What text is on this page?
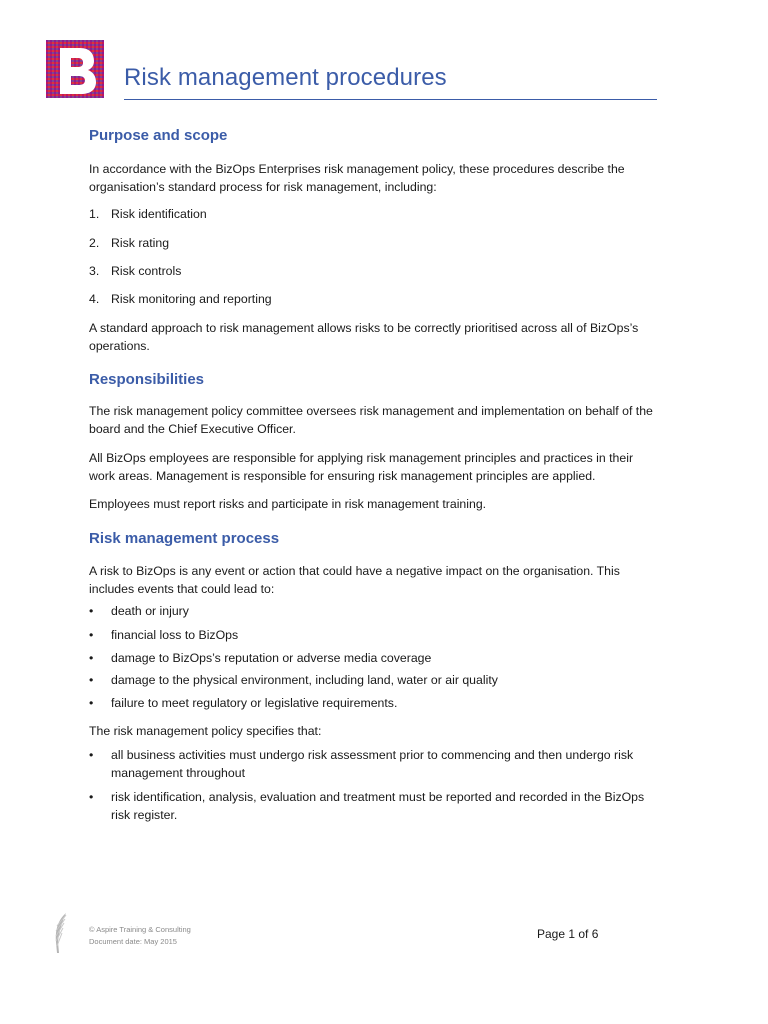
Risk management procedures
Purpose and scope
In accordance with the BizOps Enterprises risk management policy, these procedures describe the organisation’s standard process for risk management, including:
1. Risk identification
2. Risk rating
3. Risk controls
4. Risk monitoring and reporting
A standard approach to risk management allows risks to be correctly prioritised across all of BizOps’s operations.
Responsibilities
The risk management policy committee oversees risk management and implementation on behalf of the board and the Chief Executive Officer.
All BizOps employees are responsible for applying risk management principles and practices in their work areas. Management is responsible for ensuring risk management principles are applied.
Employees must report risks and participate in risk management training.
Risk management process
A risk to BizOps is any event or action that could have a negative impact on the organisation. This includes events that could lead to:
• death or injury
• financial loss to BizOps
• damage to BizOps’s reputation or adverse media coverage
• damage to the physical environment, including land, water or air quality
• failure to meet regulatory or legislative requirements.
The risk management policy specifies that:
• all business activities must undergo risk assessment prior to commencing and then undergo risk management throughout
• risk identification, analysis, evaluation and treatment must be reported and recorded in the BizOps risk register.
© Aspire Training & Consulting
Document date: May 2015
Page 1 of 6
